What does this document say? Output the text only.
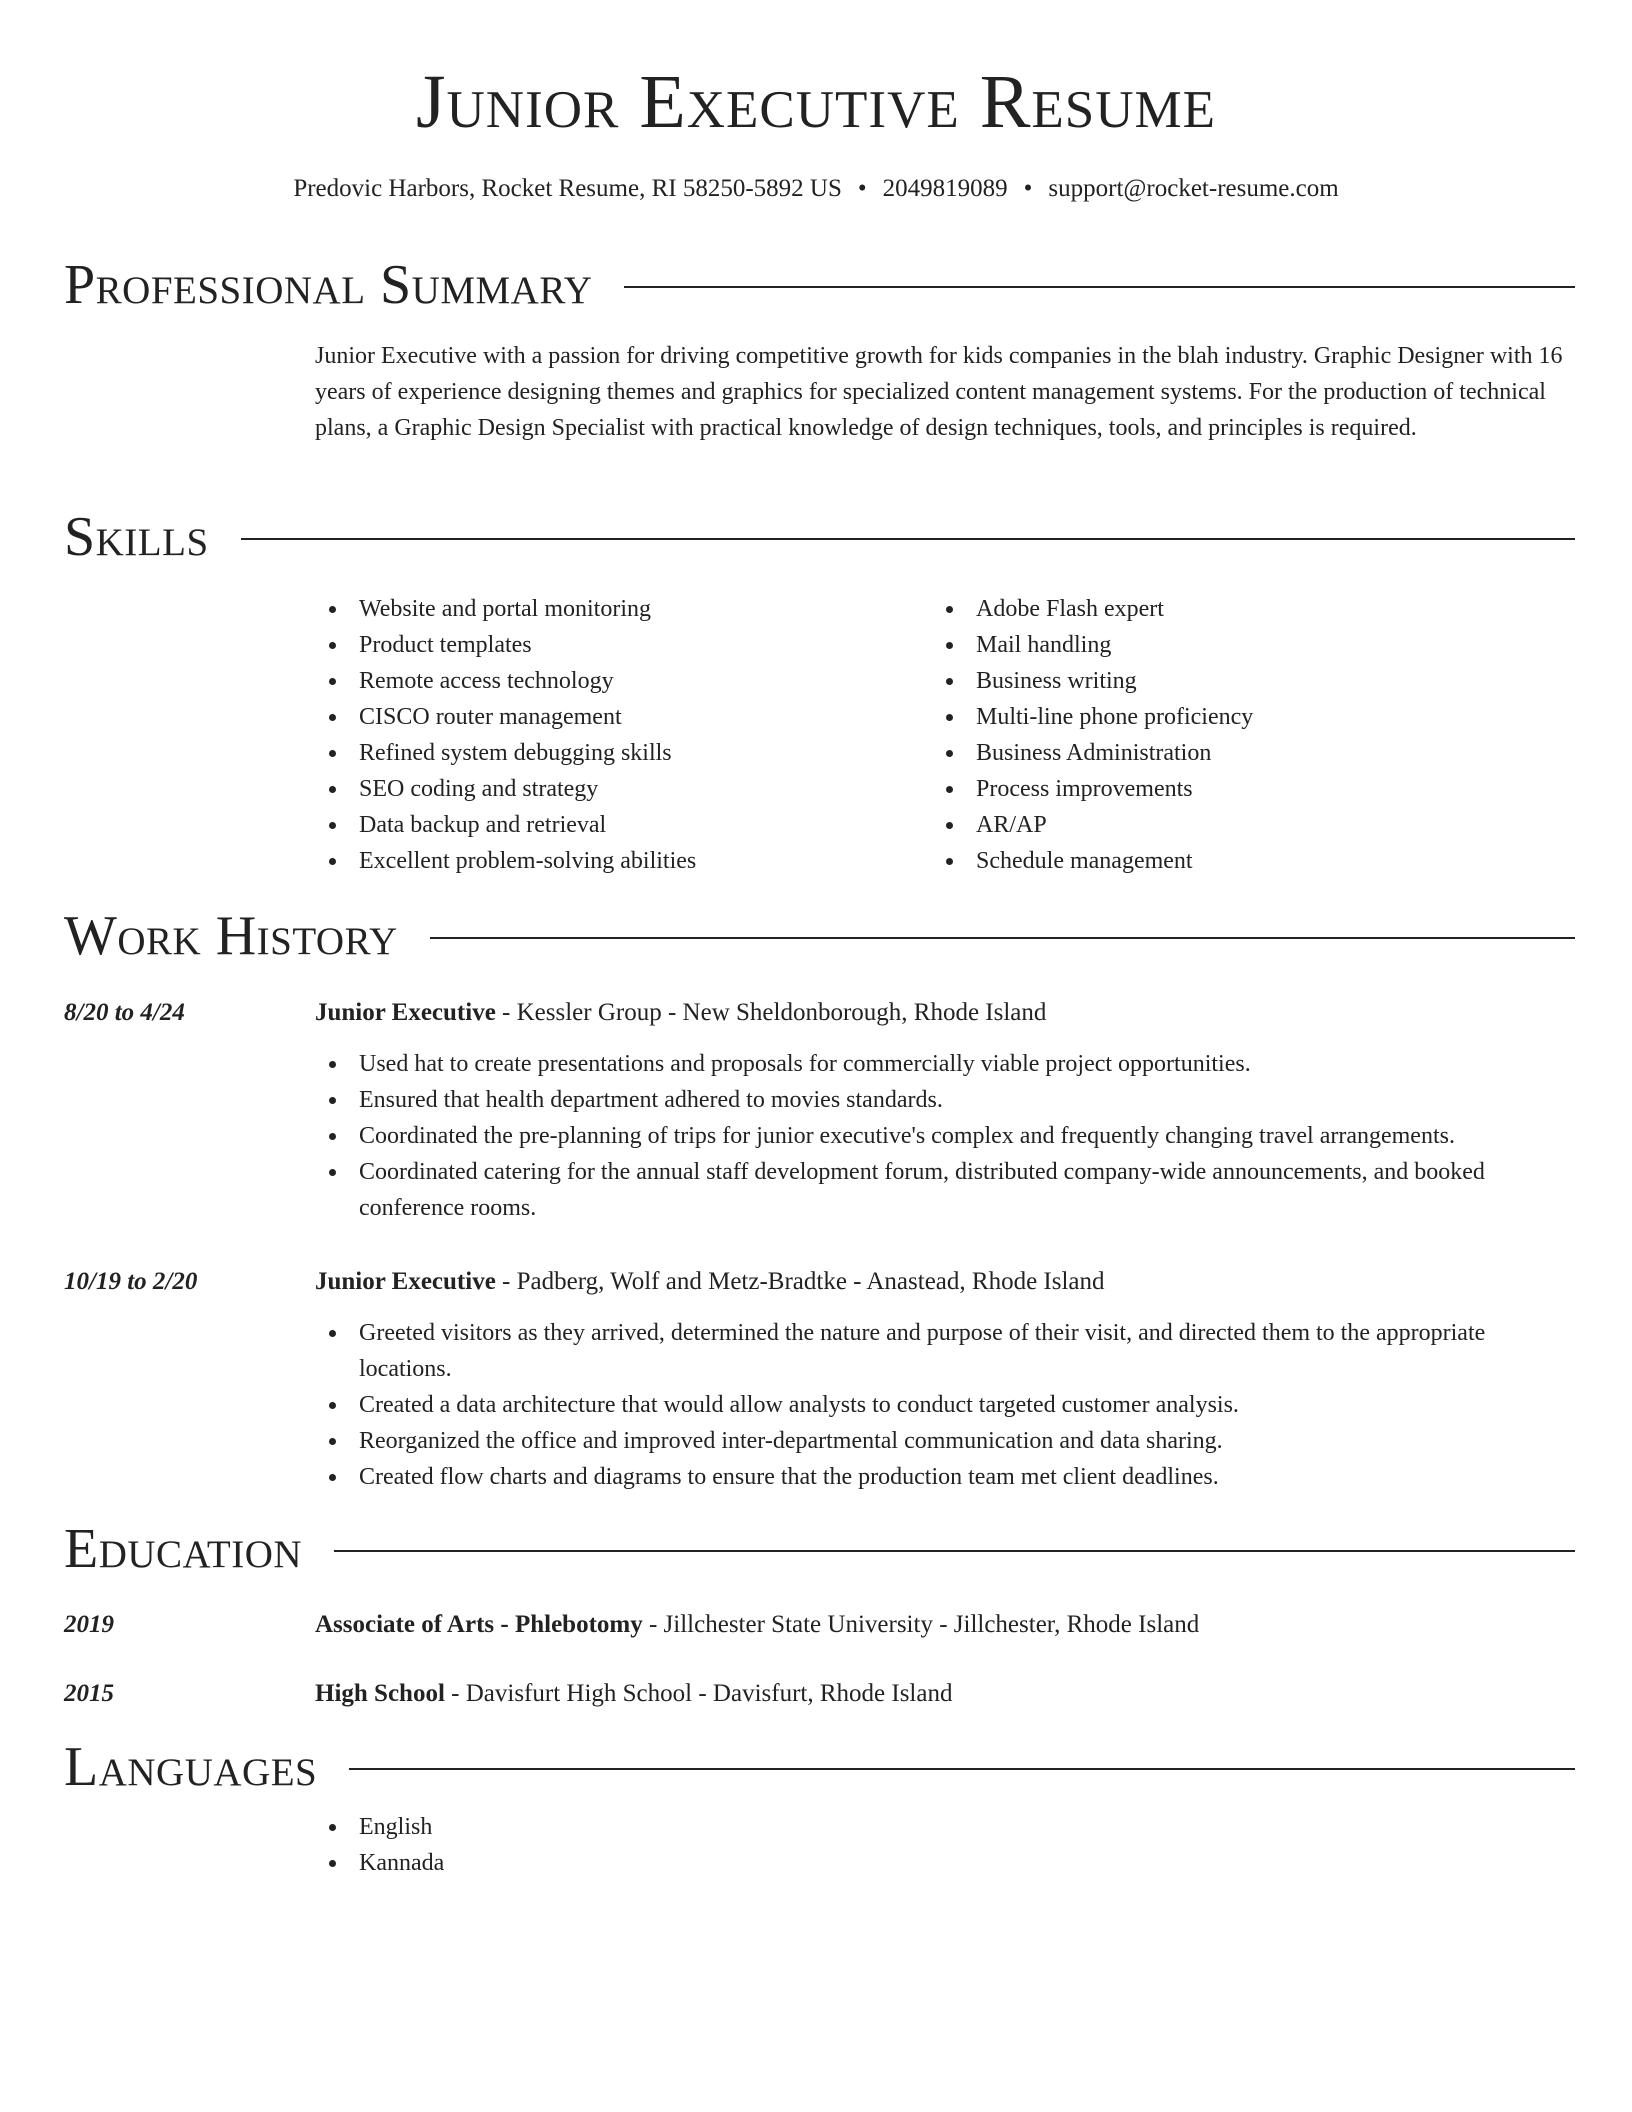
Junior Executive Resume
Predovic Harbors, Rocket Resume, RI 58250-5892 US • 2049819089 • support@rocket-resume.com
Professional Summary
Junior Executive with a passion for driving competitive growth for kids companies in the blah industry. Graphic Designer with 16 years of experience designing themes and graphics for specialized content management systems. For the production of technical plans, a Graphic Design Specialist with practical knowledge of design techniques, tools, and principles is required.
Skills
Website and portal monitoring
Product templates
Remote access technology
CISCO router management
Refined system debugging skills
SEO coding and strategy
Data backup and retrieval
Excellent problem-solving abilities
Adobe Flash expert
Mail handling
Business writing
Multi-line phone proficiency
Business Administration
Process improvements
AR/AP
Schedule management
Work History
8/20 to 4/24	Junior Executive - Kessler Group - New Sheldonborough, Rhode Island
Used hat to create presentations and proposals for commercially viable project opportunities.
Ensured that health department adhered to movies standards.
Coordinated the pre-planning of trips for junior executive's complex and frequently changing travel arrangements.
Coordinated catering for the annual staff development forum, distributed company-wide announcements, and booked conference rooms.
10/19 to 2/20	Junior Executive - Padberg, Wolf and Metz-Bradtke - Anastead, Rhode Island
Greeted visitors as they arrived, determined the nature and purpose of their visit, and directed them to the appropriate locations.
Created a data architecture that would allow analysts to conduct targeted customer analysis.
Reorganized the office and improved inter-departmental communication and data sharing.
Created flow charts and diagrams to ensure that the production team met client deadlines.
Education
2019	Associate of Arts - Phlebotomy - Jillchester State University - Jillchester, Rhode Island
2015	High School - Davisfurt High School - Davisfurt, Rhode Island
Languages
English
Kannada
